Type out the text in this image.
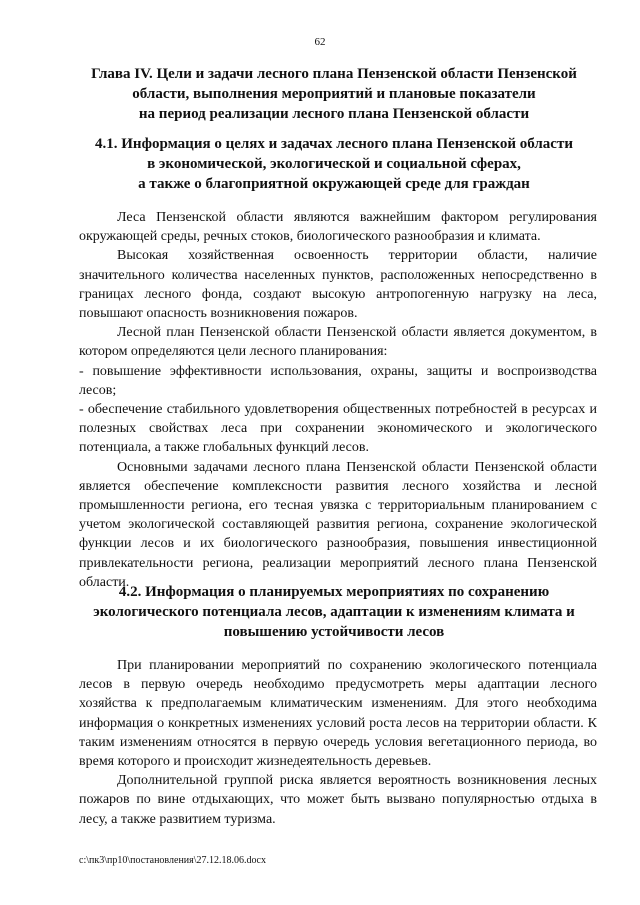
62
Глава IV. Цели и задачи лесного плана Пензенской области Пензенской
области, выполнения мероприятий и плановые показатели
на период реализации лесного плана Пензенской области
4.1. Информация о целях и задачах лесного плана Пензенской области
в экономической, экологической и социальной сферах,
а также о благоприятной окружающей среде для граждан

Леса Пензенской области являются важнейшим фактором регулирования окружающей среды, речных стоков, биологического разнообразия и климата.

Высокая хозяйственная освоенность территории области, наличие значительного количества населенных пунктов, расположенных непосредственно в границах лесного фонда, создают высокую антропогенную нагрузку на леса, повышают опасность возникновения пожаров.

Лесной план Пензенской области Пензенской области является документом, в котором определяются цели лесного планирования:

- повышение эффективности использования, охраны, защиты и воспроизводства лесов;

- обеспечение стабильного удовлетворения общественных потребностей в ресурсах и полезных свойствах леса при сохранении экономического и экологического потенциала, а также глобальных функций лесов.

Основными задачами лесного плана Пензенской области Пензенской области является обеспечение комплексности развития лесного хозяйства и лесной промышленности региона, его тесная увязка с территориальным планированием с учетом экологической составляющей развития региона, сохранение экологической функции лесов и их биологического разнообразия, повышения инвестиционной привлекательности региона, реализации мероприятий лесного плана Пензенской области.

4.2. Информация о планируемых мероприятиях по сохранению
экологического потенциала лесов, адаптации к изменениям климата и
повышению устойчивости лесов

При планировании мероприятий по сохранению экологического потенциала лесов в первую очередь необходимо предусмотреть меры адаптации лесного хозяйства к предполагаемым климатическим изменениям. Для этого необходима информация о конкретных изменениях условий роста лесов на территории области. К таким изменениям относятся в первую очередь условия вегетационного периода, во время которого и происходит жизнедеятельность деревьев.

Дополнительной группой риска является вероятность возникновения лесных пожаров по вине отдыхающих, что может быть вызвано популярностью отдыха в лесу, а также развитием туризма.

c:\пк3\пр10\постановления\27.12.18.06.docx
